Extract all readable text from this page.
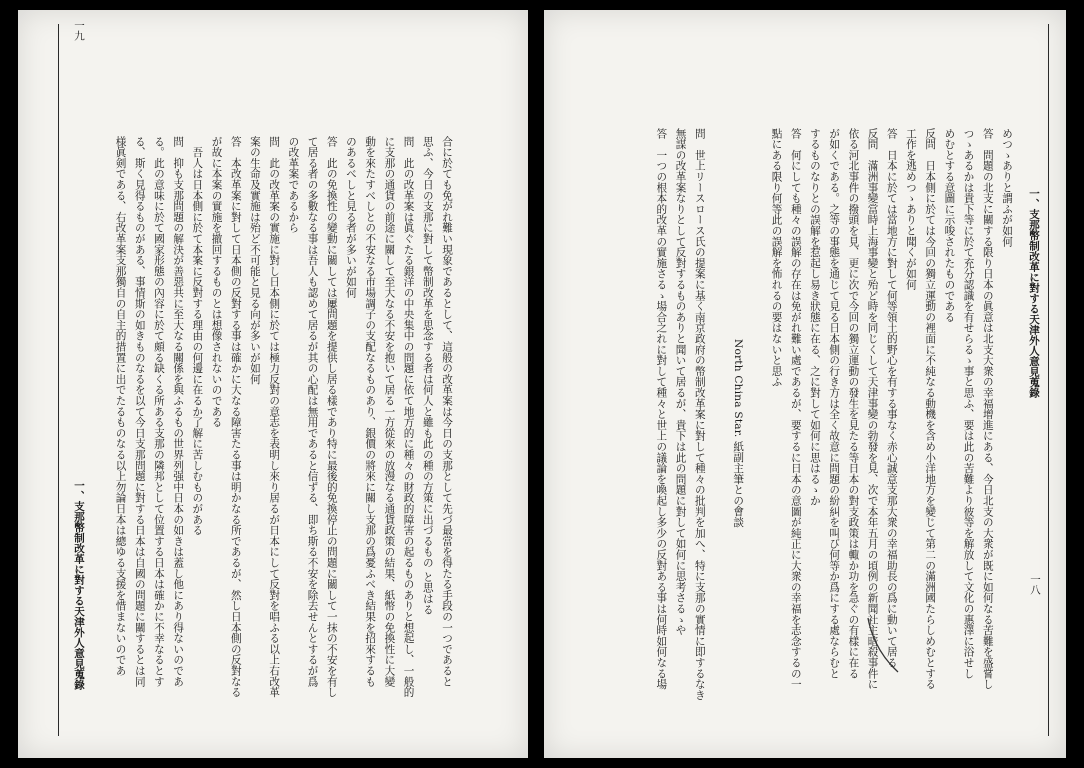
一、支那幣制改革に對する天津外人意見蒐錄
一八
めつゝありと謂ふが如何
答　問題の北支に關する限り日本の眞意は北支大衆の幸福增進にある、今日北支の大衆が既に如何なる苦難を盛嘗し
つゝあるかは貴下等に於て充分認識を有せらるゝ事と思ふ、要は此の苦難より彼等を解放して文化の惠澤に浴せし
めむとする意圖に示唆されたものである
反問　日本側に於ては今回の獨立運動の裡面に不純なる動機を含め小洋地方を變じて第二の滿洲國たらしめむとする
工作を逃めつゝありと聞くが如何
答　日本に於ては當地方に對して何等領土的野心を有する事なく赤心誠意支那大衆の幸福助長の爲に動いて居る
反問　滿洲事變當時上海事變と殆ど時を同じくして天津事變の勃發を見、次で本年五月の頃例の新聞社主暗殺事件に
依る河北事件の撥頭を見、更に次で今回の獨立運動の發生を見たる等日本の對支政策は輙か功を急ぐの有樣に在る
が如くである。之等の事態を通じて見る日本側の行き方は全く故意に問題の紛糾を叫び何等か爲にする處ならむと
するものなりとの誤解を惹起し易き狀態に在る、之に對して如何に思はるゝか
答　何にしても種々の誤解の存在は免がれ難い處であるが、要するに日本の意圖が純正に大衆の幸福を志念するの一
點にある限り何等此の誤解を怖れるの要はないと思ふ

North China Star. 紙副主筆との會談

問　世上リースロース氏の提案に基く南京政府の幣制改革案に對して種々の批判を加へ、特に支那の實情に即するなき
無謀の改革案なりとして反對するものありと聞いて居るが、貴下は此の問題に對して如何に思考さるゝや
答　一つの根本的改革の實施さるゝ場合之れに對して種々と世上の議論を喚起し多少の反對ある事は何時如何なる場
一、支那幣制改革に對する天津外人意見蒐錄
一九
合に於ても免がれ難い現象であるとして、這般の改革案は今日の支那として先づ最當を得たる手段の一つであると
思ふ、今日の支那に對して幣制改革を思念する者は何人と雖も此の種の方策に出づるもの と思はる
問　此の改革案は眞ぐたる銀洋の中央集中の問題に依て地方的に種々の財政的障害の起るものありと想起し、一般的
に支那の通貨の前途に關して至大なる不安を抱いて居る一方從來の放漫なる通貨政策の結果、紙幣の免換性に大變
動を來たすべしとの不安なる市場調子の支配なるものあり、銀價の將來に關し支那の爲憂ふべき結果を招來するも
のあるべしと見る者が多いが如何
答　此の免換性の變動に關しては屢問題を提供し居る樣であり特に最後的免換停止の問題に關して一抹の不安を有し
て居る者の多數なる事は吾人も認めて居るが其の心配は無用であると信ずる、即ち斯る不安を除去せんとするが爲
の改革案であるから
問　此の改革案の實施に對し日本側に於ては極力反對の意志を表明し來り居るが日本にして反對を唱ふる以上右改革
案の生命及實施は殆ど不可能と見る向が多いが如何
答　本改革案に對して日本側の反對する事は確かに大なる障害たる事は明かなる所であるが、然し日本側の反對なる
が故に本案の實施を撤回するものとは想像されないのである
　吾人は日本側に於て本案に反對する理由の何邊に在るか了解に苦しむものがある
問　抑も支那問題の解決が善惡共に至大なる關係を與ふるもの世界列强中日本の如きは蓋し他にあり得ないのであ
る。此の意味に於て國家形態の內容に於て頗る缺くる所ある支那の隣邦として位置する日本は確かに不幸なるとす
る、斯く見得るものがある、事情斯の如きものなるを以て今日支那問題に對する日本は自國の問題に關するとは同
様眞剣である、右改革案支那獨自の自主的措置に出でたるものなる以上勿論日本は總ゆる支援を惜まないのであ
